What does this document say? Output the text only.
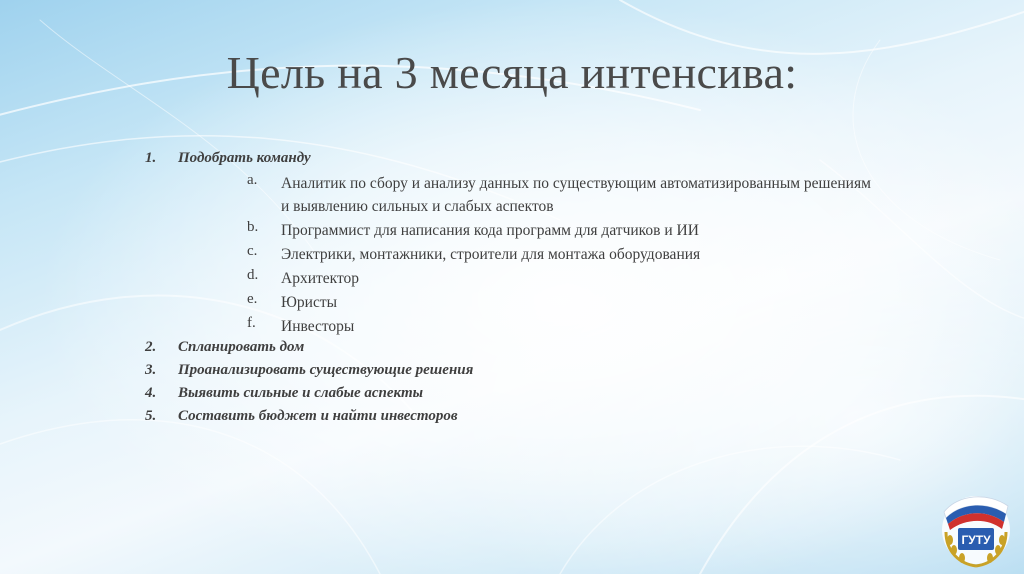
Цель на 3 месяца интенсива:
1. Подобрать команду
a. Аналитик по сбору и анализу данных по существующим автоматизированным решениям и выявлению сильных и слабых аспектов
b. Программист для написания кода программ для датчиков и ИИ
c. Электрики, монтажники, строители для монтажа оборудования
d. Архитектор
e. Юристы
f. Инвесторы
2. Спланировать дом
3. Проанализировать существующие решения
4. Выявить сильные и слабые аспекты
5. Составить бюджет и найти инвесторов
ГУТУ
